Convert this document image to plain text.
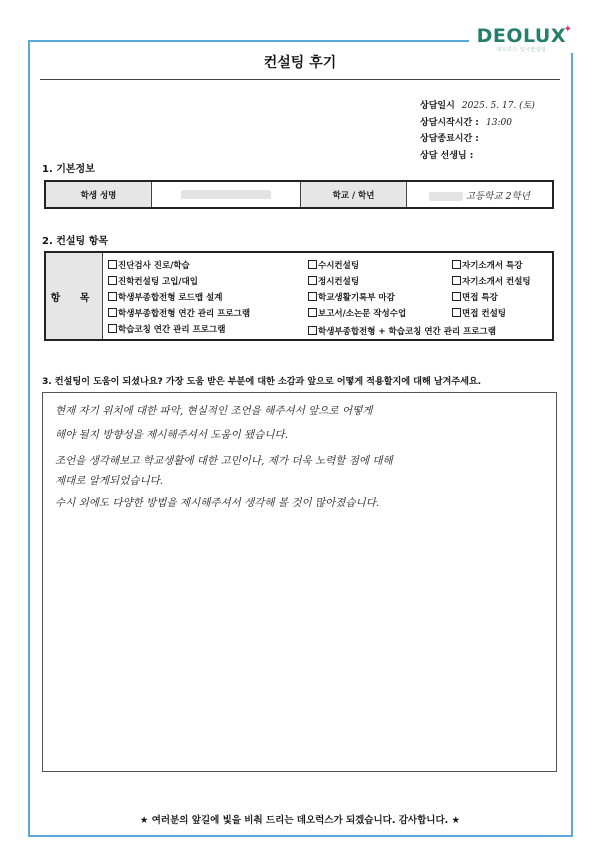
DEOLUX
데오럭스 입시컨설팅
✦
컨설팅 후기
상담일시 2025. 5. 17. (토)
상담시작시간 : 13:00
상담종료시간 :
상담 선생님 :
1. 기본정보
학생 성명		학교 / 학년	고등학교 2학년
2. 컨설팅 항목
항 목
진단검사 진로/학습
진학컨설팅 고입/대입
학생부종합전형 로드맵 설계
학생부종합전형 연간 관리 프로그램
학습코칭 연간 관리 프로그램
수시컨설팅
정시컨설팅
학교생활기록부 마감
보고서/소논문 작성수업
학생부종합전형 + 학습코칭 연간 관리 프로그램
자기소개서 특강
자기소개서 컨설팅
면접 특강
면접 컨설팅
3. 컨설팅이 도움이 되셨나요? 가장 도움 받은 부분에 대한 소감과 앞으로 어떻게 적용할지에 대해 남겨주세요.
현재 자기 위치에 대한 파악, 현실적인 조언을 해주셔서 앞으로 어떻게
해야 될지 방향성을 제시해주셔서 도움이 됐습니다.
조언을 생각해보고 학교생활에 대한 고민이나, 제가 더욱 노력할 점에 대해
제대로 알게되었습니다.
수시 외에도 다양한 방법을 제시해주셔서 생각해 볼 것이 많아졌습니다.
★ 여러분의 앞길에 빛을 비춰 드리는 데오럭스가 되겠습니다. 감사합니다. ★
